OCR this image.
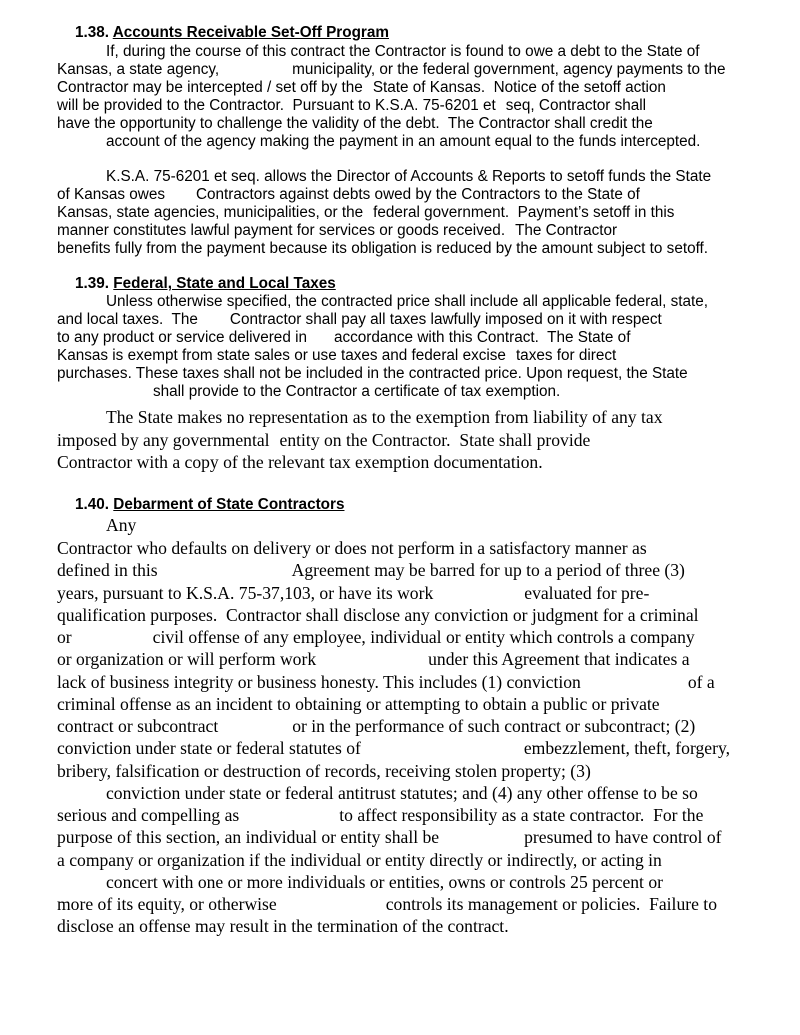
1.38. Accounts Receivable Set-Off Program
If, during the course of this contract the Contractor is found to owe a debt to the State of
Kansas, a state agency,	municipality, or the federal government, agency payments to the
Contractor may be intercepted / set off by the State of Kansas.  Notice of the setoff action
will be provided to the Contractor.  Pursuant to K.S.A. 75-6201 et seq, Contractor shall
have the opportunity to challenge the validity of the debt.  The Contractor shall credit the
account of the agency making the payment in an amount equal to the funds intercepted.
K.S.A. 75-6201 et seq. allows the Director of Accounts & Reports to setoff funds the State
of Kansas owes Contractors against debts owed by the Contractors to the State of
Kansas, state agencies, municipalities, or the federal government.  Payment’s setoff in this
manner constitutes lawful payment for services or goods received. The Contractor
benefits fully from the payment because its obligation is reduced by the amount subject to setoff.
1.39. Federal, State and Local Taxes
Unless otherwise specified, the contracted price shall include all applicable federal, state,
and local taxes.  The Contractor shall pay all taxes lawfully imposed on it with respect
to any product or service delivered in accordance with this Contract.  The State of
Kansas is exempt from state sales or use taxes and federal excise taxes for direct
purchases. These taxes shall not be included in the contracted price. Upon request, the State
shall provide to the Contractor a certificate of tax exemption.
The State makes no representation as to the exemption from liability of any tax
imposed by any governmental entity on the Contractor.  State shall provide
Contractor with a copy of the relevant tax exemption documentation.
1.40. Debarment of State Contractors
Any
Contractor who defaults on delivery or does not perform in a satisfactory manner as
defined in this	Agreement may be barred for up to a period of three (3)
years, pursuant to K.S.A. 75-37,103, or have its work	evaluated for pre-
qualification purposes.  Contractor shall disclose any conviction or judgment for a criminal
or	civil offense of any employee, individual or entity which controls a company
or organization or will perform work	under this Agreement that indicates a
lack of business integrity or business honesty. This includes (1) conviction	of a
criminal offense as an incident to obtaining or attempting to obtain a public or private
contract or subcontract	or in the performance of such contract or subcontract; (2)
conviction under state or federal statutes of	embezzlement, theft, forgery,
bribery, falsification or destruction of records, receiving stolen property; (3)
conviction under state or federal antitrust statutes; and (4) any other offense to be so
serious and compelling as	to affect responsibility as a state contractor.  For the
purpose of this section, an individual or entity shall be	presumed to have control of
a company or organization if the individual or entity directly or indirectly, or acting in
concert with one or more individuals or entities, owns or controls 25 percent or
more of its equity, or otherwise	controls its management or policies.  Failure to
disclose an offense may result in the termination of the contract.
